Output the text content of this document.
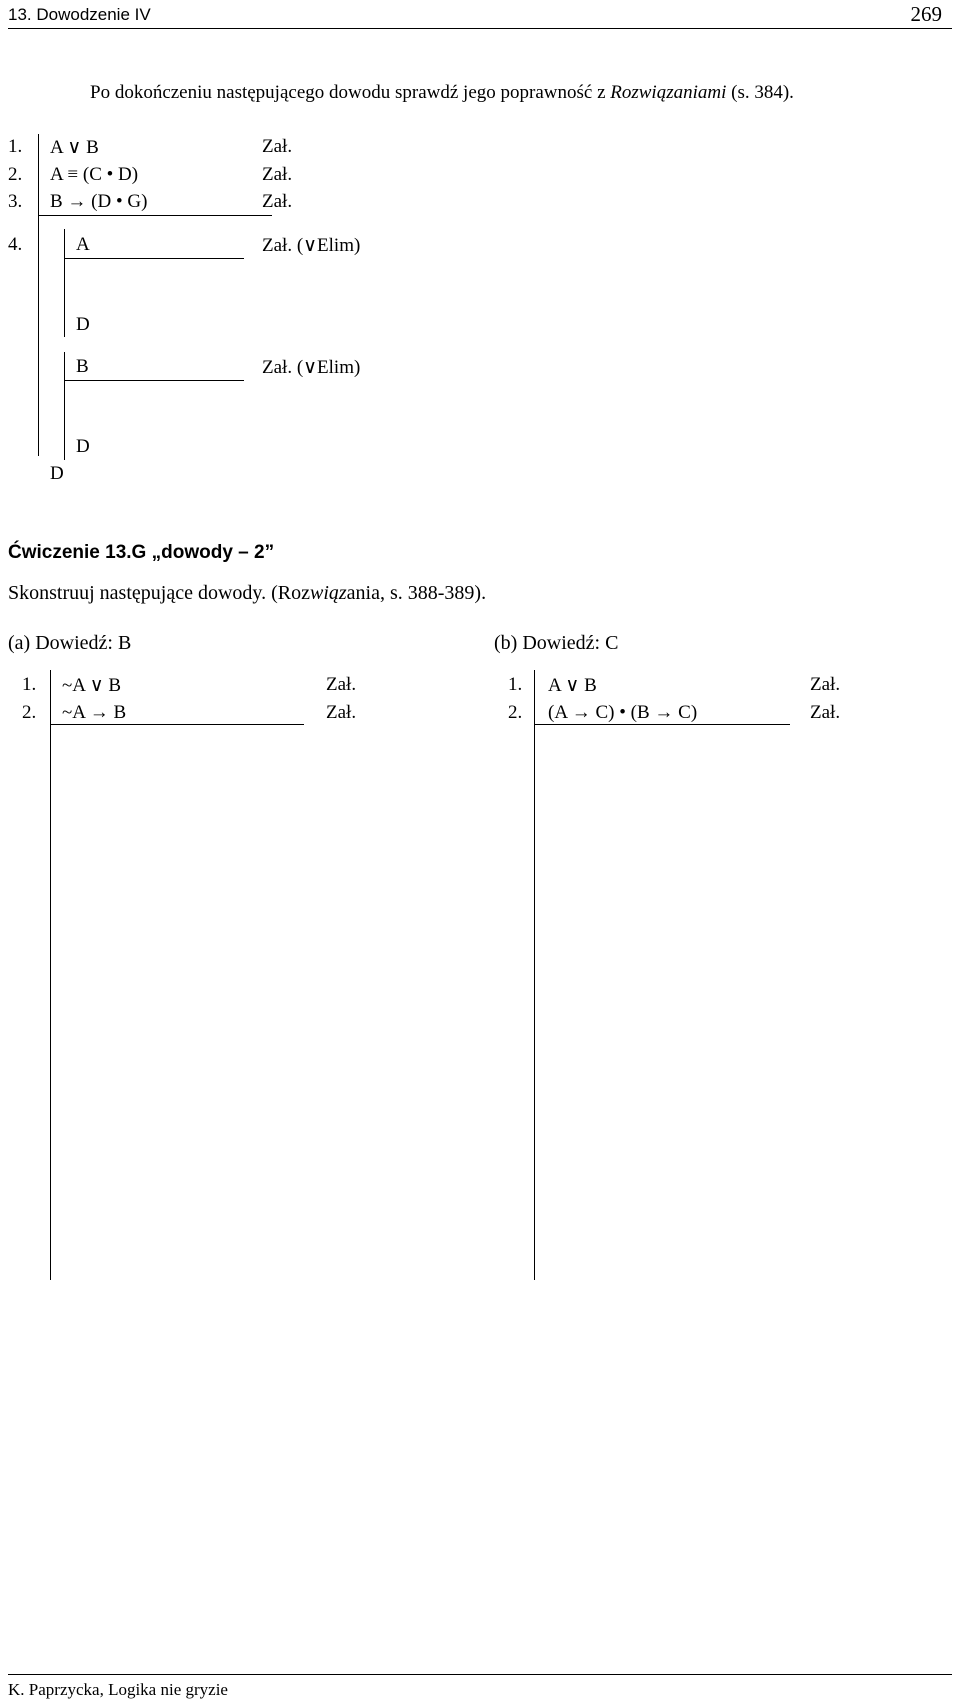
13. Dowodzenie IV	269
Po dokończeniu następującego dowodu sprawdź jego poprawność z Rozwiązaniami (s. 384).
1.
2.
3.
4.
A ∨ B
A ≡ (C • D)
B → (D • G)
A
D
B
D
D
Zał.
Zał.
Zał.
Zał. (∨Elim)
Zał. (∨Elim)
Ćwiczenie 13.G „dowody – 2”
Skonstruuj następujące dowody. (Rozwiązania, s. 388-389).
(a) Dowiedź: B
1.
2.
~A ∨ B
~A → B
Zał.
Zał.
(b) Dowiedź: C
1.
2.
A ∨ B
(A → C) • (B → C)
Zał.
Zał.
K. Paprzycka, Logika nie gryzie
